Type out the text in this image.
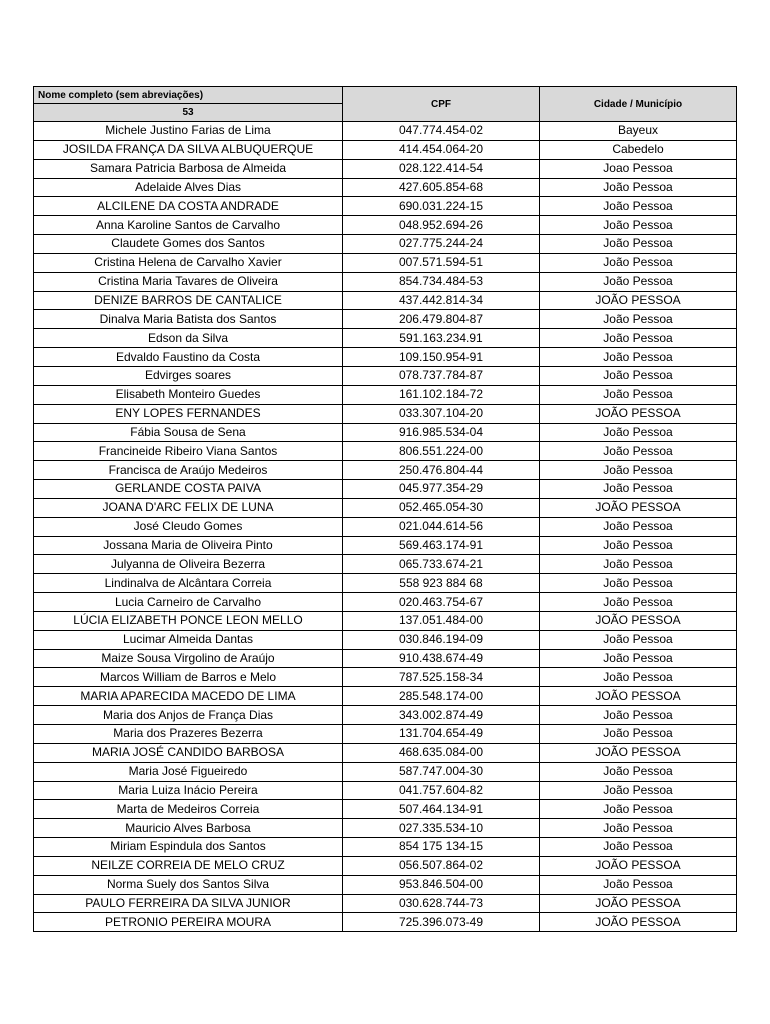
Nome completo (sem abreviações)	CPF	Cidade / Município
53		
Michele Justino Farias de Lima	047.774.454-02	Bayeux
JOSILDA FRANÇA DA SILVA ALBUQUERQUE	414.454.064-20	Cabedelo
Samara Patricia Barbosa de Almeida	028.122.414-54	Joao Pessoa
Adelaide Alves Dias	427.605.854-68	João Pessoa
ALCILENE DA COSTA ANDRADE	690.031.224-15	João Pessoa
Anna Karoline Santos de Carvalho	048.952.694-26	João Pessoa
Claudete Gomes dos Santos	027.775.244-24	João Pessoa
Cristina Helena de Carvalho Xavier	007.571.594-51	João Pessoa
Cristina Maria Tavares de Oliveira	854.734.484-53	João Pessoa
DENIZE BARROS DE CANTALICE	437.442.814-34	JOÃO PESSOA
Dinalva Maria Batista dos Santos	206.479.804-87	João Pessoa
Edson da Silva	591.163.234.91	João Pessoa
Edvaldo Faustino da Costa	109.150.954-91	João Pessoa
Edvirges soares	078.737.784-87	João Pessoa
Elisabeth Monteiro Guedes	161.102.184-72	João Pessoa
ENY LOPES FERNANDES	033.307.104-20	JOÃO PESSOA
Fábia Sousa de Sena	916.985.534-04	João Pessoa
Francineide Ribeiro Viana Santos	806.551.224-00	João Pessoa
Francisca de Araújo Medeiros	250.476.804-44	João Pessoa
GERLANDE COSTA PAIVA	045.977.354-29	João Pessoa
JOANA D'ARC FELIX DE LUNA	052.465.054-30	JOÃO PESSOA
José Cleudo Gomes	021.044.614-56	João Pessoa
Jossana Maria de Oliveira Pinto	569.463.174-91	João Pessoa
Julyanna de Oliveira Bezerra	065.733.674-21	João Pessoa
Lindinalva de Alcântara Correia	558 923 884 68	João Pessoa
Lucia Carneiro de Carvalho	020.463.754-67	João Pessoa
LÚCIA ELIZABETH PONCE LEON MELLO	137.051.484-00	JOÃO PESSOA
Lucimar Almeida Dantas	030.846.194-09	João Pessoa
Maize Sousa Virgolino de Araújo	910.438.674-49	João Pessoa
Marcos William de Barros e Melo	787.525.158-34	João Pessoa
MARIA APARECIDA MACEDO DE LIMA	285.548.174-00	JOÃO PESSOA
Maria dos Anjos de França Dias	343.002.874-49	João Pessoa
Maria dos Prazeres Bezerra	131.704.654-49	João Pessoa
MARIA JOSÉ CANDIDO BARBOSA	468.635.084-00	JOÃO PESSOA
Maria José Figueiredo	587.747.004-30	João Pessoa
Maria Luiza Inácio Pereira	041.757.604-82	João Pessoa
Marta de Medeiros Correia	507.464.134-91	João Pessoa
Mauricio Alves Barbosa	027.335.534-10	João Pessoa
Miriam Espindula dos Santos	854 175 134-15	João Pessoa
NEILZE CORREIA DE MELO CRUZ	056.507.864-02	JOÃO PESSOA
Norma Suely dos Santos Silva	953.846.504-00	João Pessoa
PAULO FERREIRA DA SILVA JUNIOR	030.628.744-73	JOÃO PESSOA
PETRONIO PEREIRA MOURA	725.396.073-49	JOÃO PESSOA
